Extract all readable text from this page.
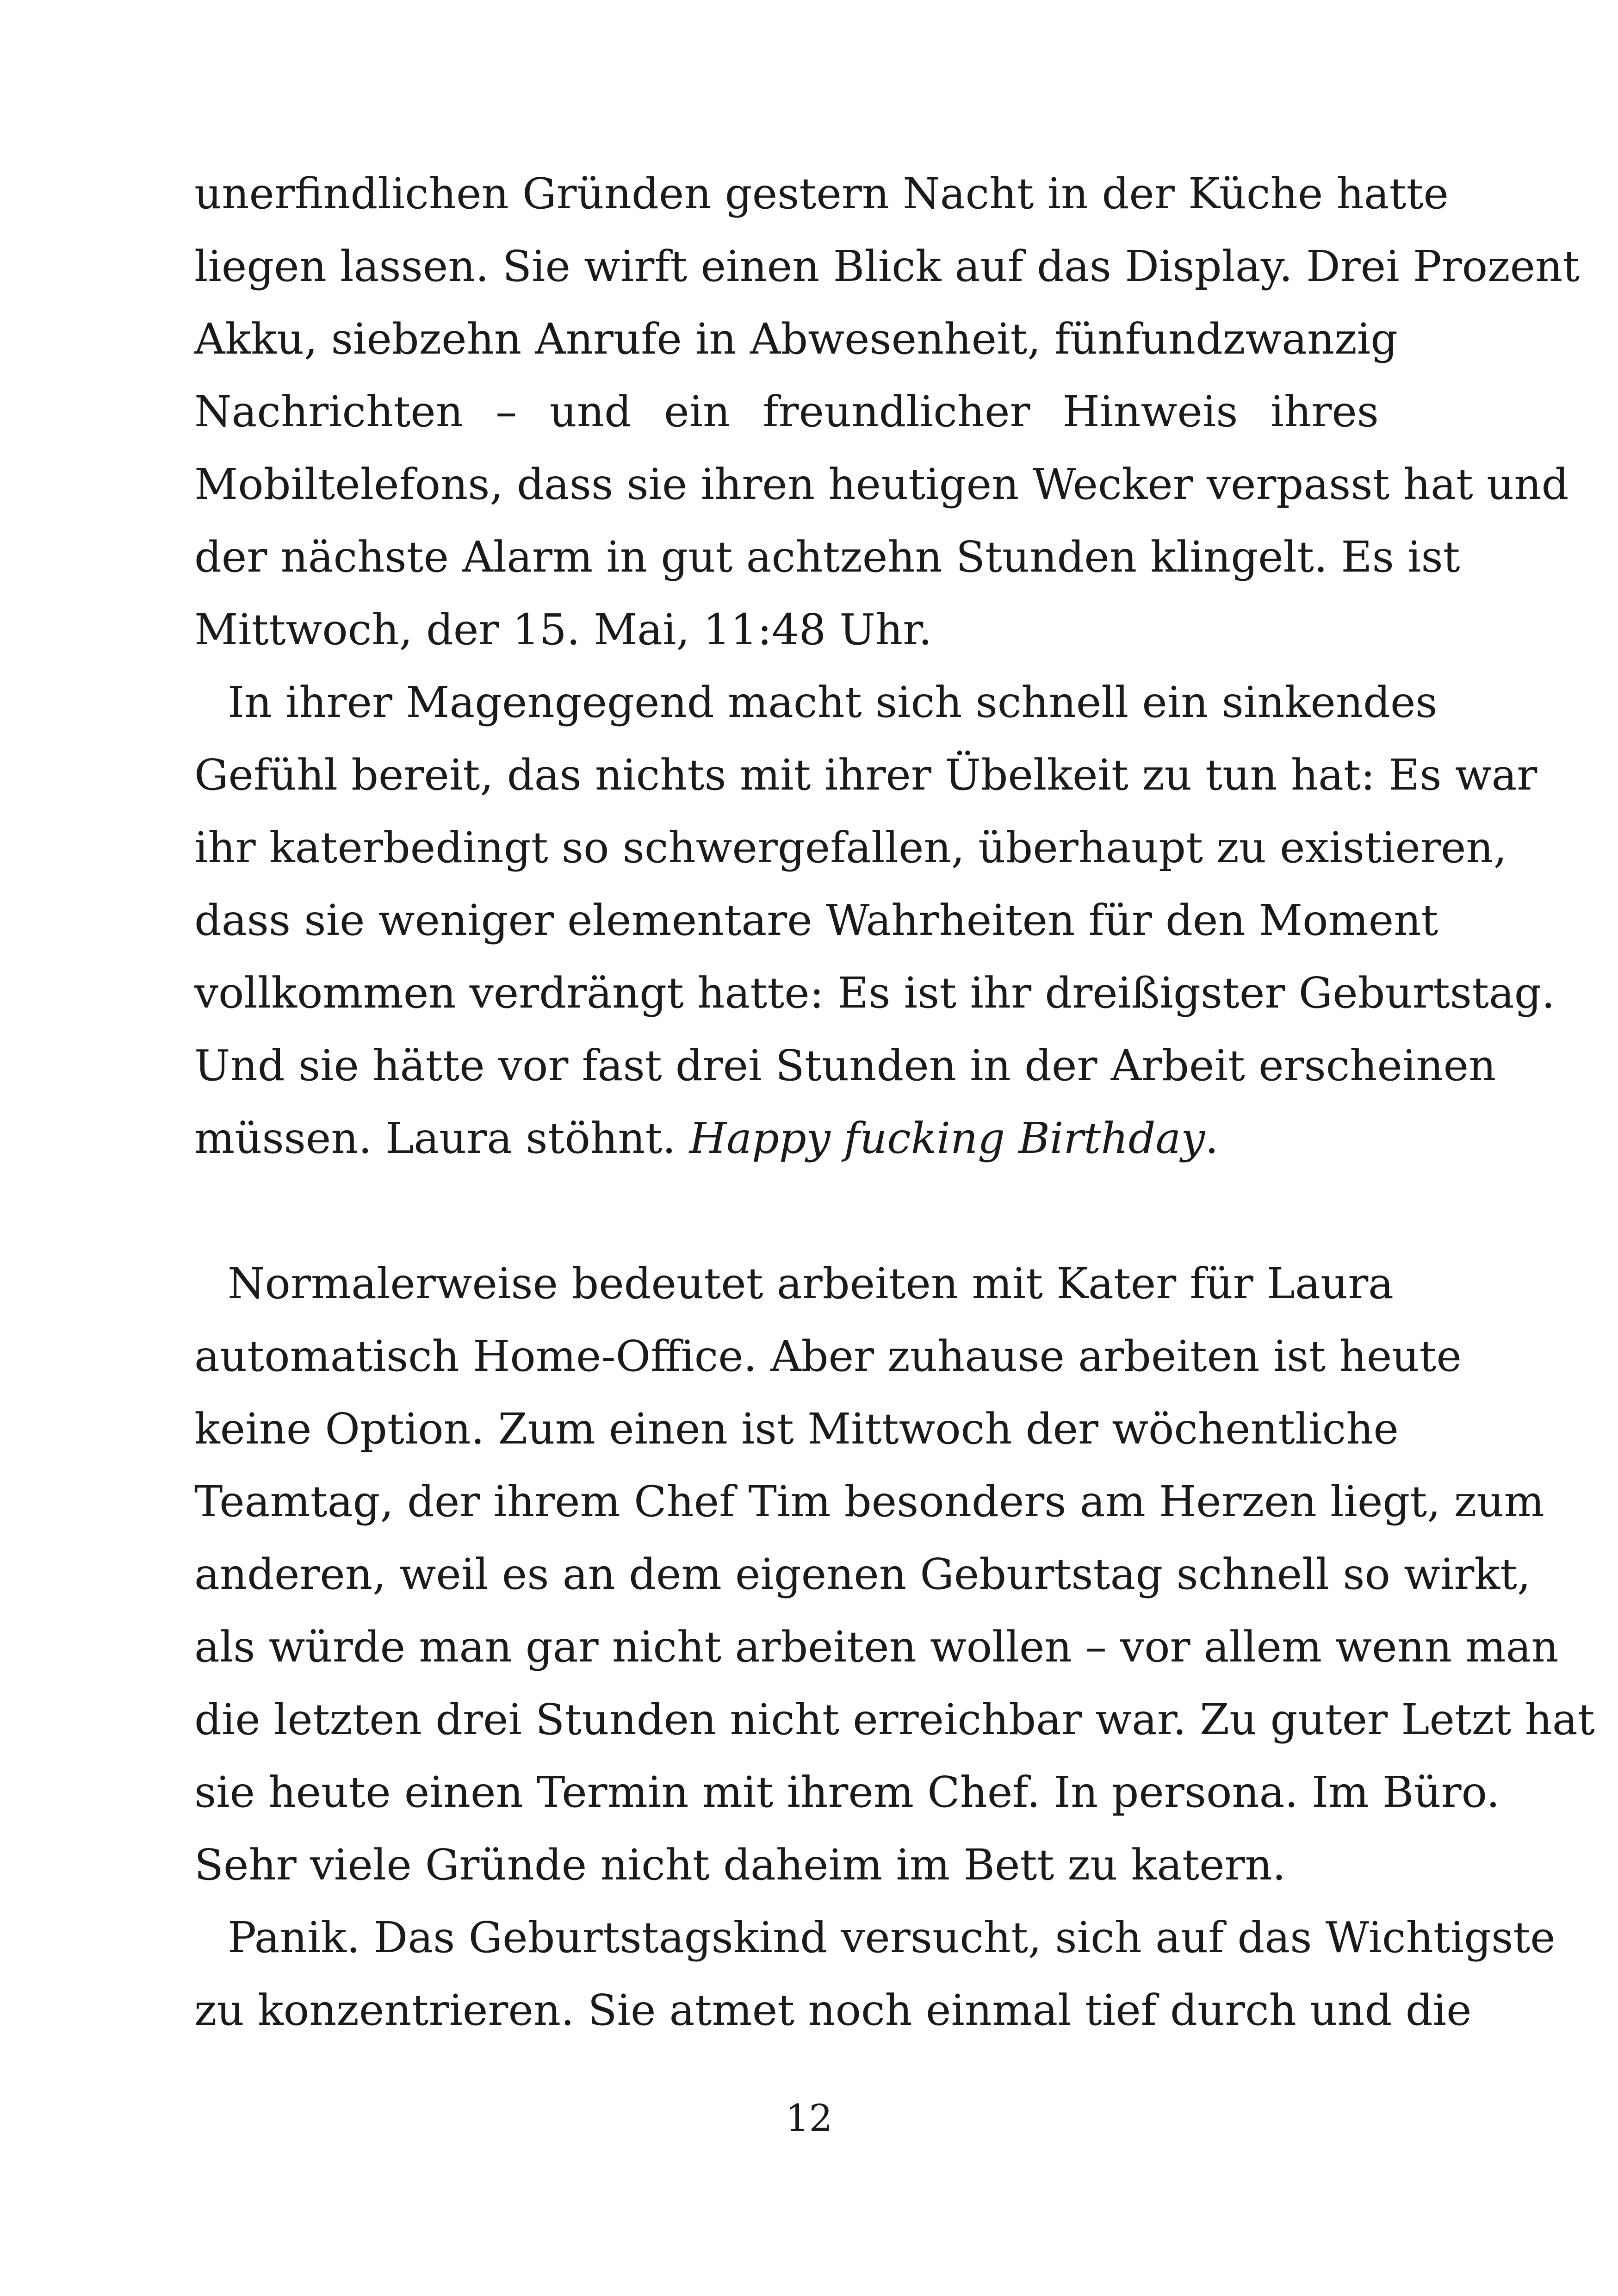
unerfindlichen Gründen gestern Nacht in der Küche hatte
liegen lassen. Sie wirft einen Blick auf das Display. Drei Prozent
Akku, siebzehn Anrufe in Abwesenheit, fünfundzwanzig
Nachrichten – und ein freundlicher Hinweis ihres
Mobiltelefons, dass sie ihren heutigen Wecker verpasst hat und
der nächste Alarm in gut achtzehn Stunden klingelt. Es ist
Mittwoch, der 15. Mai, 11:48 Uhr.

In ihrer Magengegend macht sich schnell ein sinkendes
Gefühl bereit, das nichts mit ihrer Übelkeit zu tun hat: Es war
ihr katerbedingt so schwergefallen, überhaupt zu existieren,
dass sie weniger elementare Wahrheiten für den Moment
vollkommen verdrängt hatte: Es ist ihr dreißigster Geburtstag.
Und sie hätte vor fast drei Stunden in der Arbeit erscheinen
müssen. Laura stöhnt. Happy fucking Birthday.

Normalerweise bedeutet arbeiten mit Kater für Laura
automatisch Home-Office. Aber zuhause arbeiten ist heute
keine Option. Zum einen ist Mittwoch der wöchentliche
Teamtag, der ihrem Chef Tim besonders am Herzen liegt, zum
anderen, weil es an dem eigenen Geburtstag schnell so wirkt,
als würde man gar nicht arbeiten wollen – vor allem wenn man
die letzten drei Stunden nicht erreichbar war. Zu guter Letzt hat
sie heute einen Termin mit ihrem Chef. In persona. Im Büro.
Sehr viele Gründe nicht daheim im Bett zu katern.

Panik. Das Geburtstagskind versucht, sich auf das Wichtigste
zu konzentrieren. Sie atmet noch einmal tief durch und die

12
